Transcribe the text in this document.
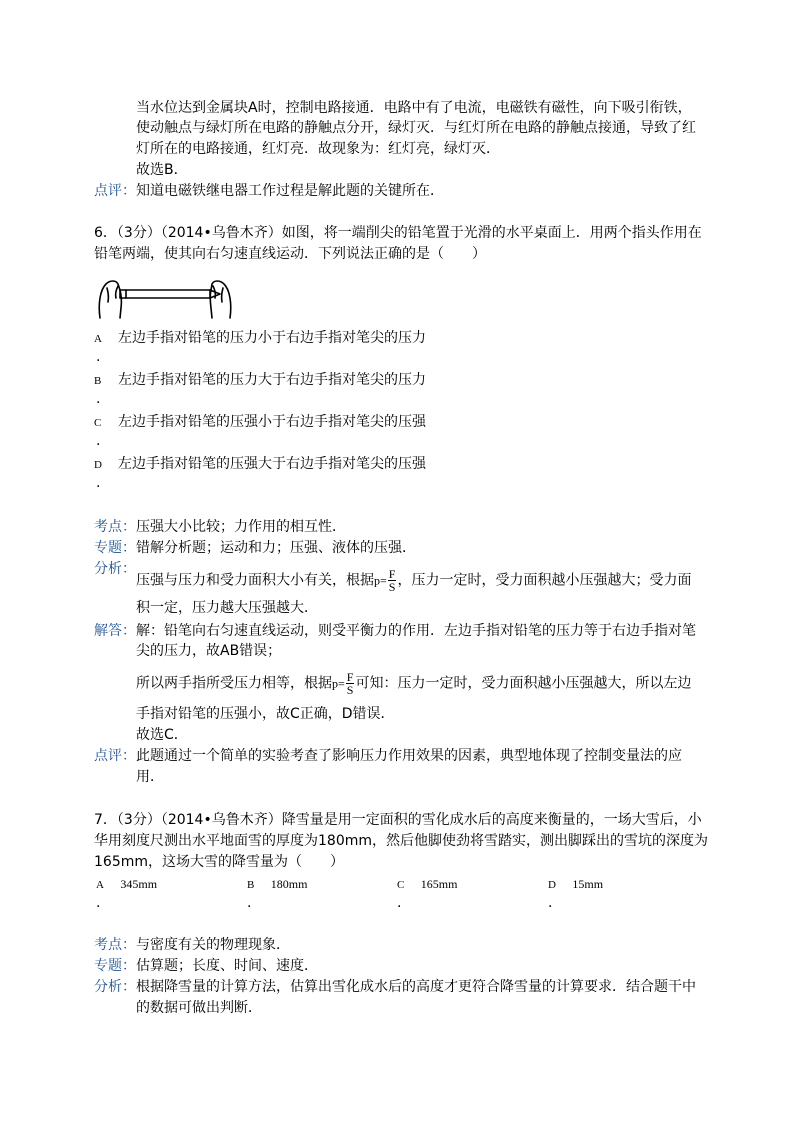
当水位达到金属块A时，控制电路接通．电路中有了电流，电磁铁有磁性，向下吸引衔铁，
使动触点与绿灯所在电路的静触点分开，绿灯灭．与红灯所在电路的静触点接通，导致了红
灯所在的电路接通，红灯亮．故现象为：红灯亮，绿灯灭．
故选B．
点评：知道电磁铁继电器工作过程是解此题的关键所在．
6．（3分）（2014•乌鲁木齐）如图，将一端削尖的铅笔置于光滑的水平桌面上．用两个指头作用在
铅笔两端，使其向右匀速直线运动．下列说法正确的是（　　）
A 左边手指对铅笔的压力小于右边手指对笔尖的压力
.
B 左边手指对铅笔的压力大于右边手指对笔尖的压力
.
C 左边手指对铅笔的压强小于右边手指对笔尖的压强
.
D 左边手指对铅笔的压强大于右边手指对笔尖的压强
.
考点：压强大小比较；力作用的相互性．
专题：错解分析题；运动和力；压强、液体的压强．
分析：
压强与压力和受力面积大小有关，根据$p= \frac{F}{S}$ ，压力一定时，受力面积越小压强越大；受力面
积一定，压力越大压强越大．
解答：解：铅笔向右匀速直线运动，则受平衡力的作用．左边手指对铅笔的压力等于右边手指对笔
尖的压力，故AB错误；
所以两手指所受压力相等，根据$p= \frac{F}{S}$ 可知：压力一定时，受力面积越小压强越大，所以左边
手指对铅笔的压强小，故C正确，D错误．
故选C．
点评：此题通过一个简单的实验考查了影响压力作用效果的因素，典型地体现了控制变量法的应
用．
7．（3分）（2014•乌鲁木齐）降雪量是用一定面积的雪化成水后的高度来衡量的，一场大雪后，小
华用刻度尺测出水平地面雪的厚度为180mm，然后他脚使劲将雪踏实，测出脚踩出的雪坑的深度为
165mm，这场大雪的降雪量为（　　）
A 345mm
.
B 180mm
.
C 165mm
.
D 15mm
.
考点：与密度有关的物理现象．
专题：估算题；长度、时间、速度．
分析：根据降雪量的计算方法，估算出雪化成水后的高度才更符合降雪量的计算要求．结合题干中
的数据可做出判断．
